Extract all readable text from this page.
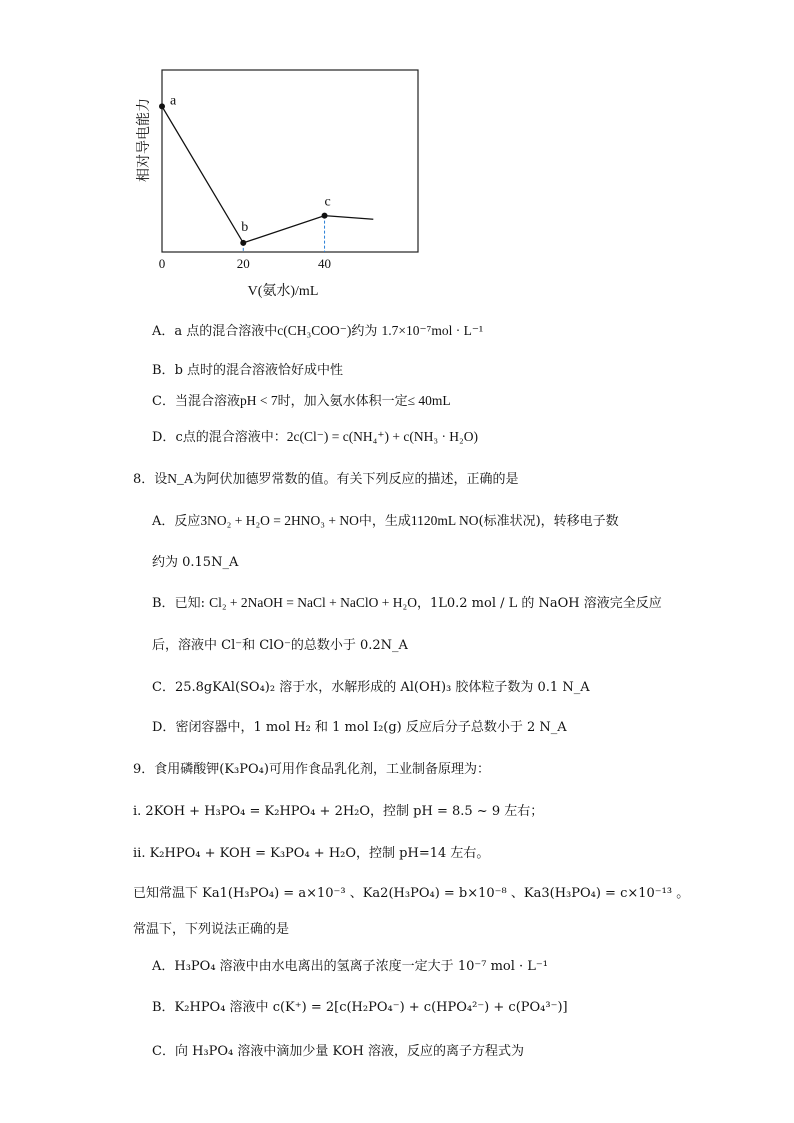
a
b
c
相对导电能力
0	20	40
V(氨水)/mL
A．a 点的混合溶液中c(CH₃COO⁻)约为 1.7×10⁻⁷mol · L⁻¹
B．b 点时的混合溶液恰好成中性
C．当混合溶液pH < 7时，加入氨水体积一定≤ 40mL
D．c点的混合溶液中：2c(Cl⁻) = c(NH₄⁺) + c(NH₃ · H₂O)
8．设N_A为阿伏加德罗常数的值。有关下列反应的描述，正确的是
A．反应3NO₂ + H₂O = 2HNO₃ + NO中，生成1120mL NO(标准状况)，转移电子数
约为 0.15N_A
B．已知: Cl₂ + 2NaOH = NaCl + NaClO + H₂O，1L0.2 mol / L 的 NaOH 溶液完全反应
后，溶液中 Cl⁻和 ClO⁻的总数小于 0.2N_A
C．25.8gKAl(SO₄)₂ 溶于水，水解形成的 Al(OH)₃ 胶体粒子数为 0.1 N_A
D．密闭容器中，1 mol H₂ 和 1 mol I₂(g) 反应后分子总数小于 2 N_A
9．食用磷酸钾(K₃PO₄)可用作食品乳化剂，工业制备原理为：
ⅰ. 2KOH + H₃PO₄ = K₂HPO₄ + 2H₂O，控制 pH = 8.5 ~ 9 左右；
ⅱ. K₂HPO₄ + KOH = K₃PO₄ + H₂O，控制 pH=14 左右。
已知常温下 Ka1(H₃PO₄) = a×10⁻³ 、Ka2(H₃PO₄) = b×10⁻⁸ 、Ka3(H₃PO₄) = c×10⁻¹³ 。
常温下，下列说法正确的是
A．H₃PO₄ 溶液中由水电离出的氢离子浓度一定大于 10⁻⁷ mol · L⁻¹
B．K₂HPO₄ 溶液中 c(K⁺) = 2[c(H₂PO₄⁻) + c(HPO₄²⁻) + c(PO₄³⁻)]
C．向 H₃PO₄ 溶液中滴加少量 KOH 溶液，反应的离子方程式为
